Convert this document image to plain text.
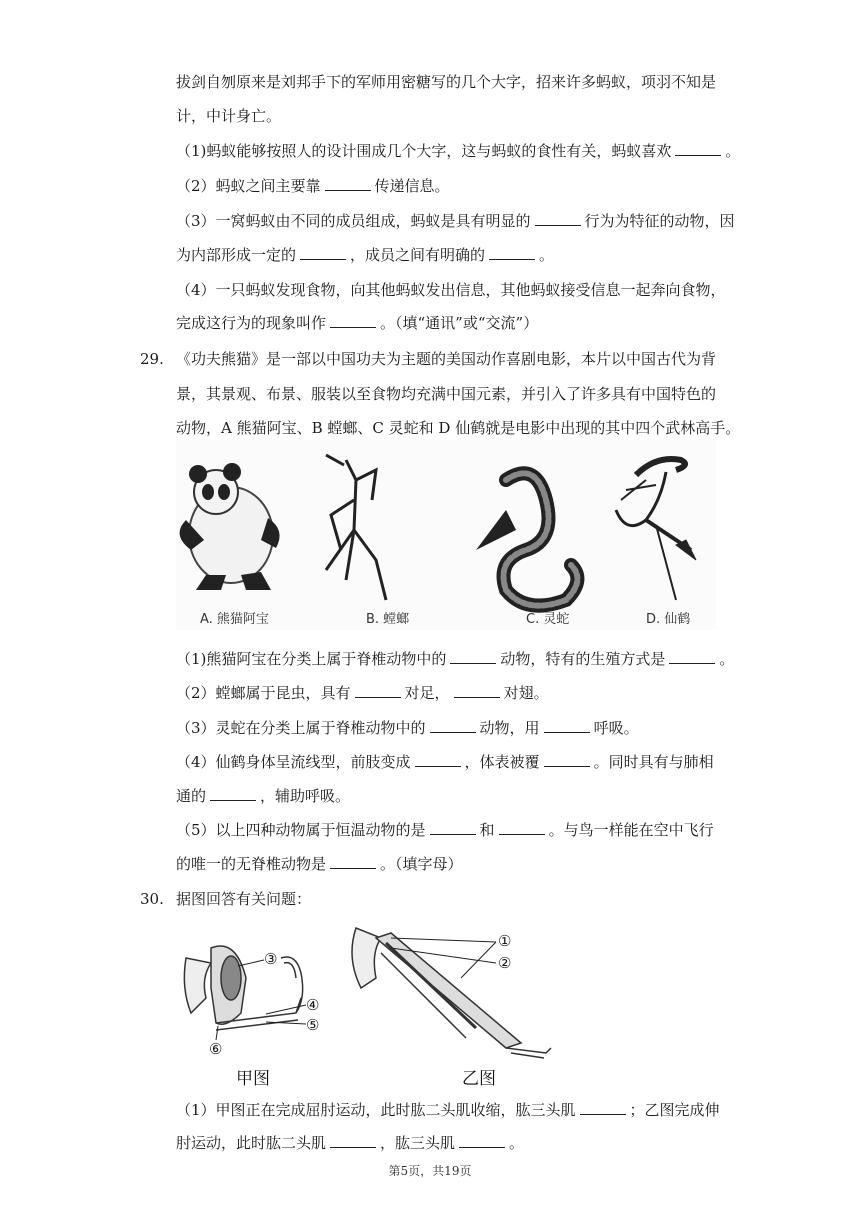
拔剑自刎原来是刘邦手下的军师用密糖写的几个大字，招来许多蚂蚁，项羽不知是
计，中计身亡。
（1)蚂蚁能够按照人的设计围成几个大字，这与蚂蚁的食性有关，蚂蚁喜欢	。
（2）蚂蚁之间主要靠	传递信息。
（3）一窝蚂蚁由不同的成员组成，蚂蚁是具有明显的	行为为特征的动物，因
为内部形成一定的	，成员之间有明确的	。
（4）一只蚂蚁发现食物，向其他蚂蚁发出信息，其他蚂蚁接受信息一起奔向食物，
完成这行为的现象叫作	。（填“通讯”或“交流”）
29. 《功夫熊猫》是一部以中国功夫为主题的美国动作喜剧电影，本片以中国古代为背
景，其景观、布景、服装以至食物均充满中国元素，并引入了许多具有中国特色的
动物，A 熊猫阿宝、B 螳螂、C 灵蛇和 D 仙鹤就是电影中出现的其中四个武林高手。
A. 熊猫阿宝	B. 螳螂	C. 灵蛇	D. 仙鹤
（1)熊猫阿宝在分类上属于脊椎动物中的	动物，特有的生殖方式是	。
（2）螳螂属于昆虫，具有	对足，	对翅。
（3）灵蛇在分类上属于脊椎动物中的	动物，用	呼吸。
（4）仙鹤身体呈流线型，前肢变成	，体表被覆	。同时具有与肺相
通的	，辅助呼吸。
（5）以上四种动物属于恒温动物的是	和	。与鸟一样能在空中飞行
的唯一的无脊椎动物是	。（填字母）
30. 据图回答有关问题：
③
④
⑤
⑥
①
②
甲图	乙图
（1）甲图正在完成屈肘运动，此时肱二头肌收缩，肱三头肌	；乙图完成伸
肘运动，此时肱二头肌	，肱三头肌	。
第5页，共19页
